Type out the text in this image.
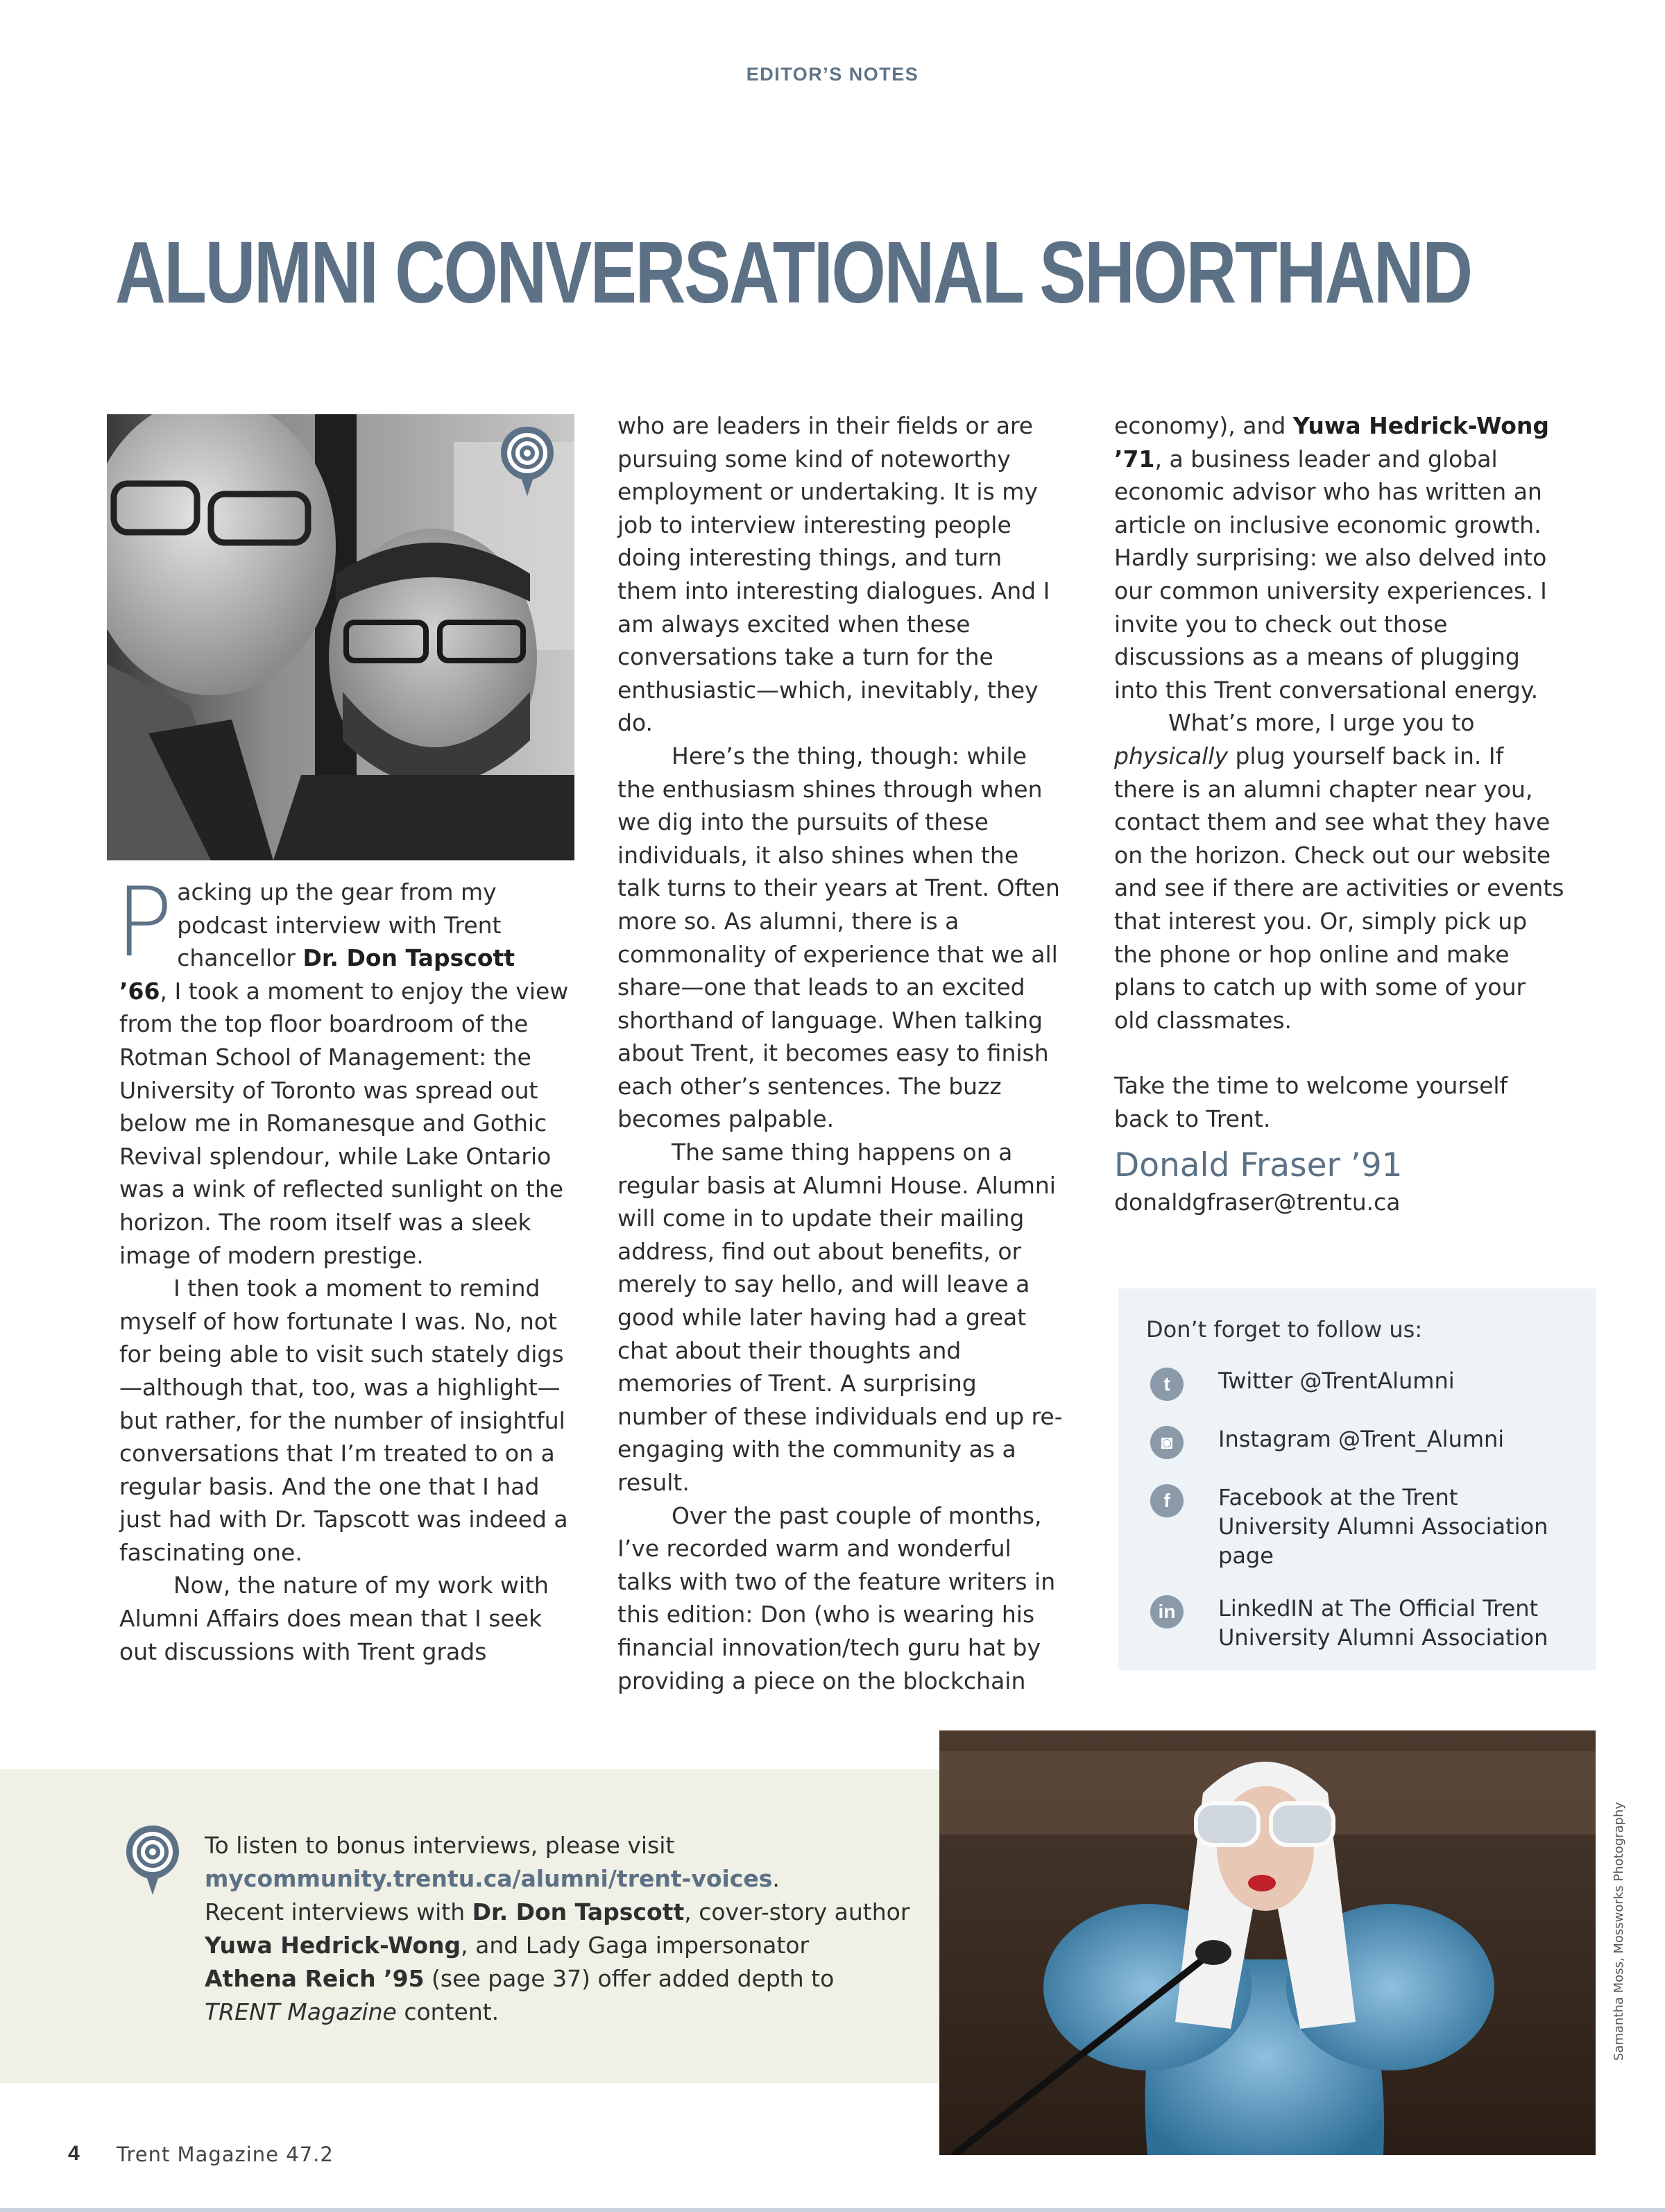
EDITOR’S NOTES
ALUMNI CONVERSATIONAL SHORTHAND

Packing up the gear from my podcast interview with Trent chancellor Dr. Don Tapscott ’66, I took a moment to enjoy the view from the top floor boardroom of the Rotman School of Management: the University of Toronto was spread out below me in Romanesque and Gothic Revival splendour, while Lake Ontario was a wink of reflected sunlight on the horizon. The room itself was a sleek image of modern prestige.

I then took a moment to remind myself of how fortunate I was. No, not for being able to visit such stately digs—although that, too, was a highlight—but rather, for the number of insightful conversations that I’m treated to on a regular basis. And the one that I had just had with Dr. Tapscott was indeed a fascinating one.

Now, the nature of my work with Alumni Affairs does mean that I seek out discussions with Trent grads

who are leaders in their fields or are pursuing some kind of noteworthy employment or undertaking. It is my job to interview interesting people doing interesting things, and turn them into interesting dialogues. And I am always excited when these conversations take a turn for the enthusiastic—which, inevitably, they do.

Here’s the thing, though: while the enthusiasm shines through when we dig into the pursuits of these individuals, it also shines when the talk turns to their years at Trent. Often more so. As alumni, there is a commonality of experience that we all share—one that leads to an excited shorthand of language. When talking about Trent, it becomes easy to finish each other’s sentences. The buzz becomes palpable.

The same thing happens on a regular basis at Alumni House. Alumni will come in to update their mailing address, find out about benefits, or merely to say hello, and will leave a good while later having had a great chat about their thoughts and memories of Trent. A surprising number of these individuals end up re-engaging with the community as a result.

Over the past couple of months, I’ve recorded warm and wonderful talks with two of the feature writers in this edition: Don (who is wearing his financial innovation/tech guru hat by providing a piece on the blockchain

economy), and Yuwa Hedrick-Wong ’71, a business leader and global economic advisor who has written an article on inclusive economic growth. Hardly surprising: we also delved into our common university experiences. I invite you to check out those discussions as a means of plugging into this Trent conversational energy.

What’s more, I urge you to physically plug yourself back in. If there is an alumni chapter near you, contact them and see what they have on the horizon. Check out our website and see if there are activities or events that interest you. Or, simply pick up the phone or hop online and make plans to catch up with some of your old classmates.

Take the time to welcome yourself back to Trent.

Donald Fraser ’91
donaldgfraser@trentu.ca
Don’t forget to follow us:
t	Twitter @TrentAlumni
◙	Instagram @Trent_Alumni
f	Facebook at the Trent University Alumni Association page
in	LinkedIN at The Official Trent University Alumni Association
To listen to bonus interviews, please visit
mycommunity.trentu.ca/alumni/trent-voices.
Recent interviews with Dr. Don Tapscott, cover-story author
Yuwa Hedrick-Wong, and Lady Gaga impersonator
Athena Reich ’95 (see page 37) offer added depth to
TRENT Magazine content.	Samantha Moss, Mossworks Photography
4 Trent Magazine 47.2
